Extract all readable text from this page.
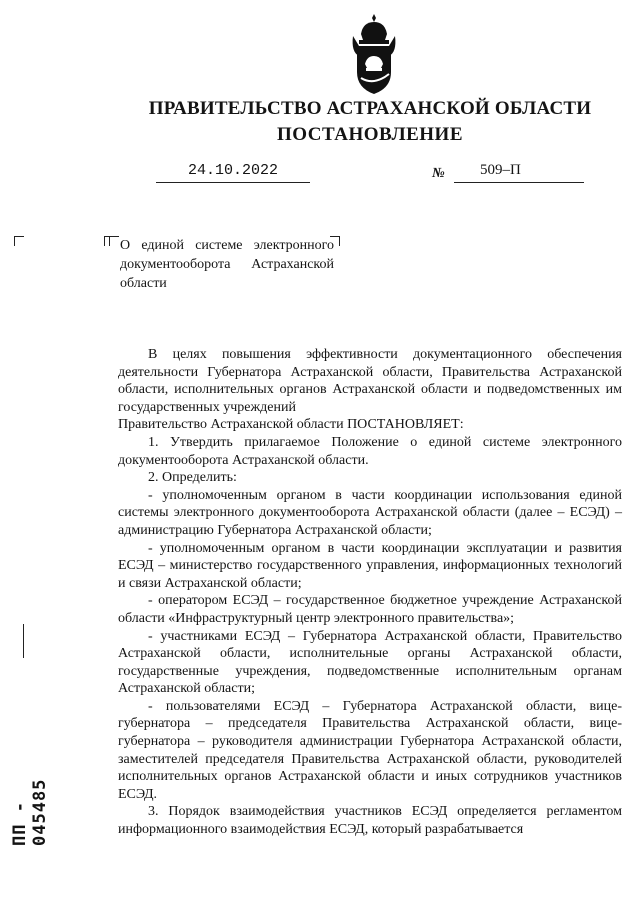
ПРАВИТЕЛЬСТВО АСТРАХАНСКОЙ ОБЛАСТИ
ПОСТАНОВЛЕНИЕ
24.10.2022	№ 509–П
О единой системе электронного документооборота Астраханской области

В целях повышения эффективности документационного обеспечения деятельности Губернатора Астраханской области, Правительства Астраханской области, исполнительных органов Астраханской области и подведомственных им государственных учреждений

Правительство Астраханской области ПОСТАНОВЛЯЕТ:

1. Утвердить прилагаемое Положение о единой системе электронного документооборота Астраханской области.

2. Определить:

- уполномоченным органом в части координации использования единой системы электронного документооборота Астраханской области (далее – ЕСЭД) – администрацию Губернатора Астраханской области;

- уполномоченным органом в части координации эксплуатации и развития ЕСЭД – министерство государственного управления, информационных технологий и связи Астраханской области;

- оператором ЕСЭД – государственное бюджетное учреждение Астраханской области «Инфраструктурный центр электронного правительства»;

- участниками ЕСЭД – Губернатора Астраханской области, Правительство Астраханской области, исполнительные органы Астраханской области, государственные учреждения, подведомственные исполнительным органам Астраханской области;

- пользователями ЕСЭД – Губернатора Астраханской области, вице-губернатора – председателя Правительства Астраханской области, вице-губернатора – руководителя администрации Губернатора Астраханской области, заместителей председателя Правительства Астраханской области, руководителей исполнительных органов Астраханской области и иных сотрудников участников ЕСЭД.

3. Порядок взаимодействия участников ЕСЭД определяется регламентом информационного взаимодействия ЕСЭД, который разрабатывается

ПП - 045485
